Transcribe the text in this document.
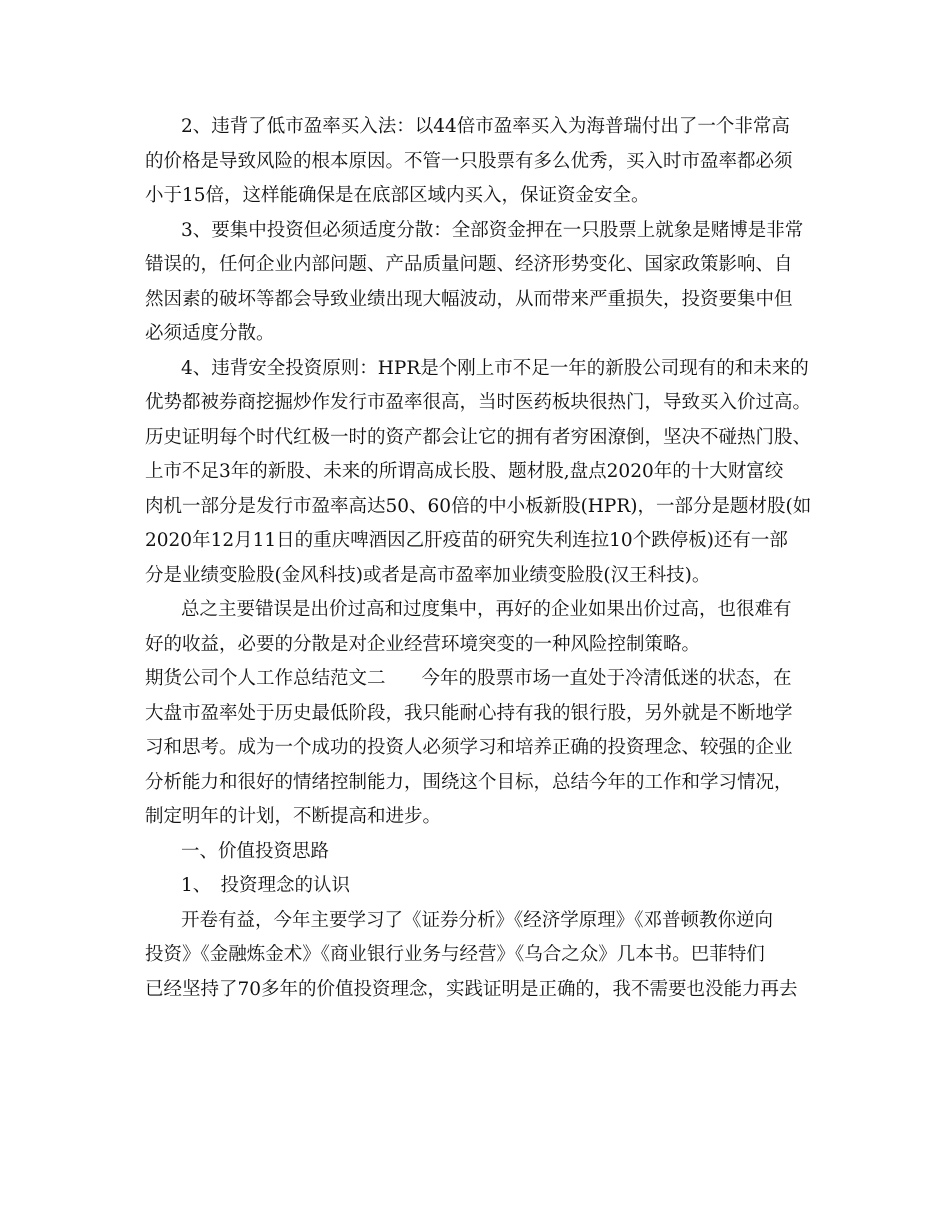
2、违背了低市盈率买入法：以44倍市盈率买入为海普瑞付出了一个非常高
的价格是导致风险的根本原因。不管一只股票有多么优秀，买入时市盈率都必须
小于15倍，这样能确保是在底部区域内买入，保证资金安全。
3、要集中投资但必须适度分散：全部资金押在一只股票上就象是赌博是非常
错误的，任何企业内部问题、产品质量问题、经济形势变化、国家政策影响、自
然因素的破坏等都会导致业绩出现大幅波动，从而带来严重损失，投资要集中但
必须适度分散。
4、违背安全投资原则：HPR是个刚上市不足一年的新股公司现有的和未来的
优势都被券商挖掘炒作发行市盈率很高，当时医药板块很热门，导致买入价过高。
历史证明每个时代红极一时的资产都会让它的拥有者穷困潦倒，坚决不碰热门股、
上市不足3年的新股、未来的所谓高成长股、题材股,盘点2020年的十大财富绞
肉机一部分是发行市盈率高达50、60倍的中小板新股(HPR)，一部分是题材股(如
2020年12月11日的重庆啤酒因乙肝疫苗的研究失利连拉10个跌停板)还有一部
分是业绩变脸股(金风科技)或者是高市盈率加业绩变脸股(汉王科技)。
总之主要错误是出价过高和过度集中，再好的企业如果出价过高，也很难有
好的收益，必要的分散是对企业经营环境突变的一种风险控制策略。
期货公司个人工作总结范文二 今年的股票市场一直处于冷清低迷的状态，在
大盘市盈率处于历史最低阶段，我只能耐心持有我的银行股，另外就是不断地学
习和思考。成为一个成功的投资人必须学习和培养正确的投资理念、较强的企业
分析能力和很好的情绪控制能力，围绕这个目标，总结今年的工作和学习情况，
制定明年的计划，不断提高和进步。
一、价值投资思路
1、　投资理念的认识
开卷有益，今年主要学习了《证券分析》《经济学原理》《邓普顿教你逆向
投资》《金融炼金术》《商业银行业务与经营》《乌合之众》几本书。巴菲特们
已经坚持了70多年的价值投资理念，实践证明是正确的，我不需要也没能力再去
